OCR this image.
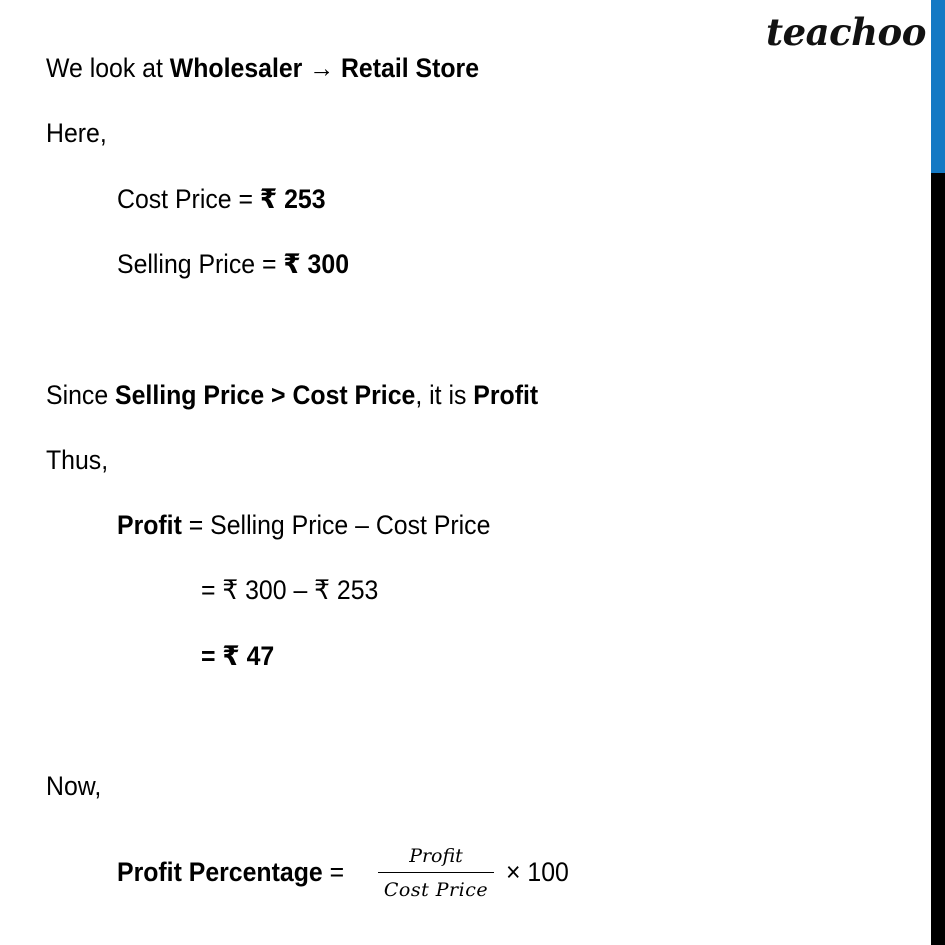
teachoo
We look at Wholesaler → Retail Store
Here,
Cost Price = ₹ 253
Selling Price = ₹ 300
Since Selling Price > Cost Price, it is Profit
Thus,
Profit = Selling Price – Cost Price
= ₹ 300 – ₹ 253
= ₹ 47
Now,
Profit Percentage =
Profit
Cost Price
× 100
